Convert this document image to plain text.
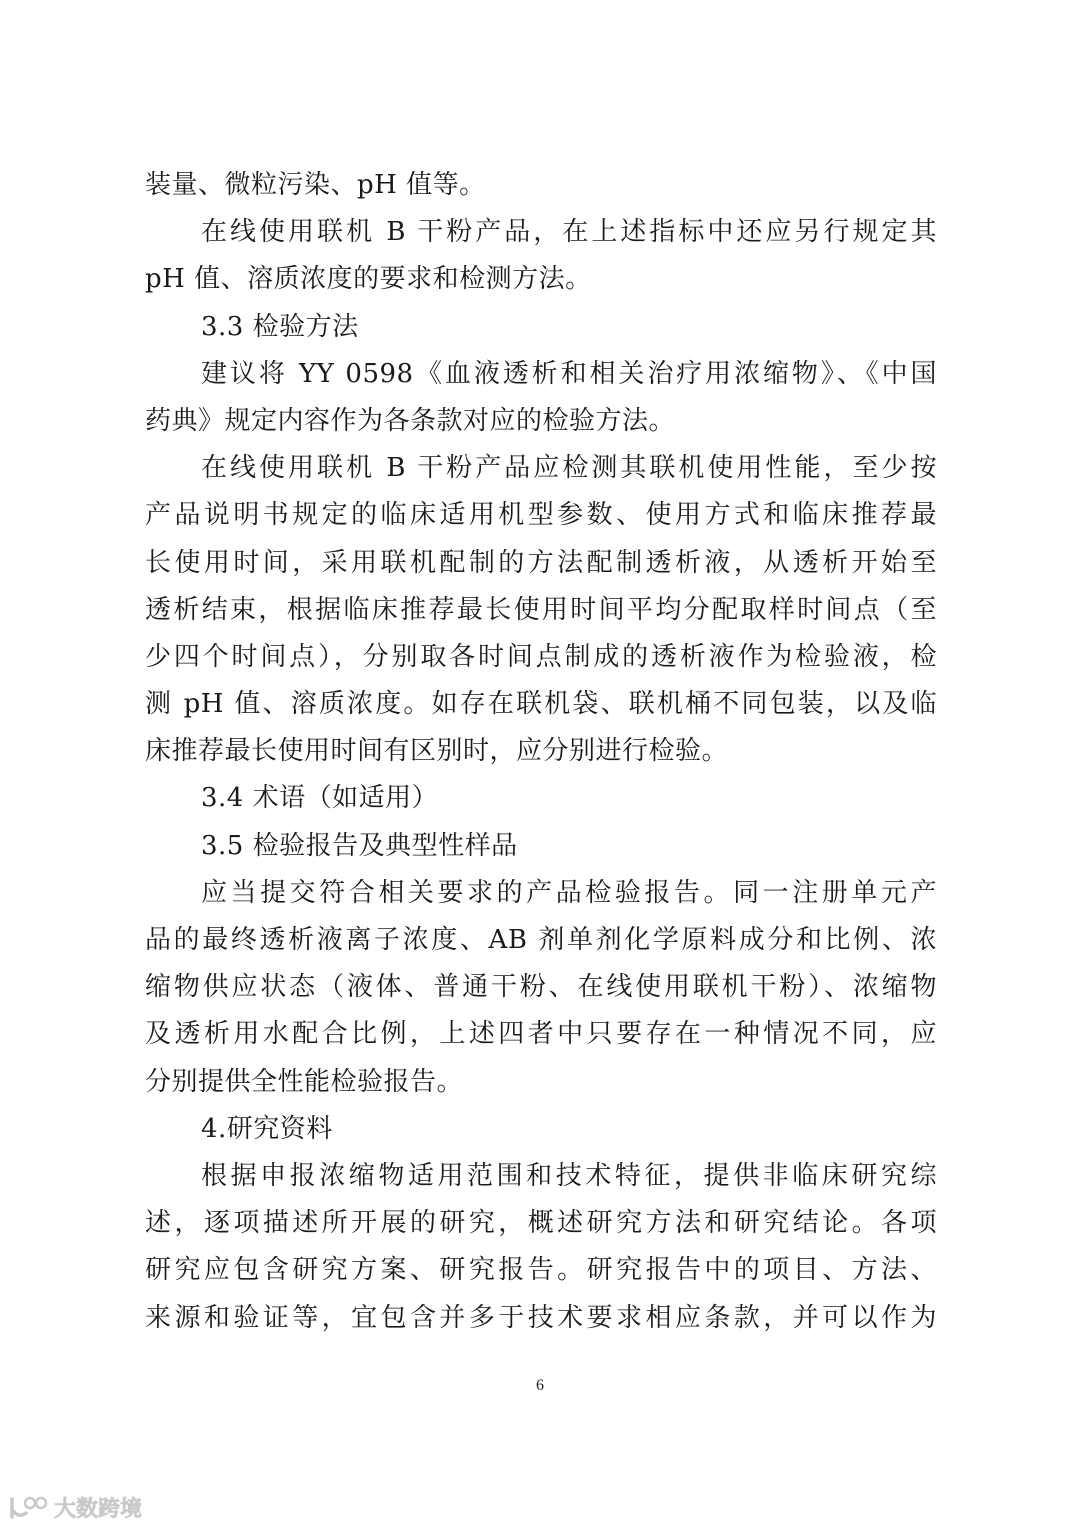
装量、微粒污染、pH 值等。
在线使用联机 B 干粉产品，在上述指标中还应另行规定其
pH 值、溶质浓度的要求和检测方法。
3.3 检验方法
建议将 YY 0598《血液透析和相关治疗用浓缩物》、《中国
药典》规定内容作为各条款对应的检验方法。
在线使用联机 B 干粉产品应检测其联机使用性能，至少按
产品说明书规定的临床适用机型参数、使用方式和临床推荐最
长使用时间，采用联机配制的方法配制透析液，从透析开始至
透析结束，根据临床推荐最长使用时间平均分配取样时间点（至
少四个时间点），分别取各时间点制成的透析液作为检验液，检
测 pH 值、溶质浓度。如存在联机袋、联机桶不同包装，以及临
床推荐最长使用时间有区别时，应分别进行检验。
3.4 术语（如适用）
3.5 检验报告及典型性样品
应当提交符合相关要求的产品检验报告。同一注册单元产
品的最终透析液离子浓度、AB 剂单剂化学原料成分和比例、浓
缩物供应状态（液体、普通干粉、在线使用联机干粉）、浓缩物
及透析用水配合比例，上述四者中只要存在一种情况不同，应
分别提供全性能检验报告。
4.研究资料
根据申报浓缩物适用范围和技术特征，提供非临床研究综
述，逐项描述所开展的研究，概述研究方法和研究结论。各项
研究应包含研究方案、研究报告。研究报告中的项目、方法、
来源和验证等，宜包含并多于技术要求相应条款，并可以作为
6
大数跨境
